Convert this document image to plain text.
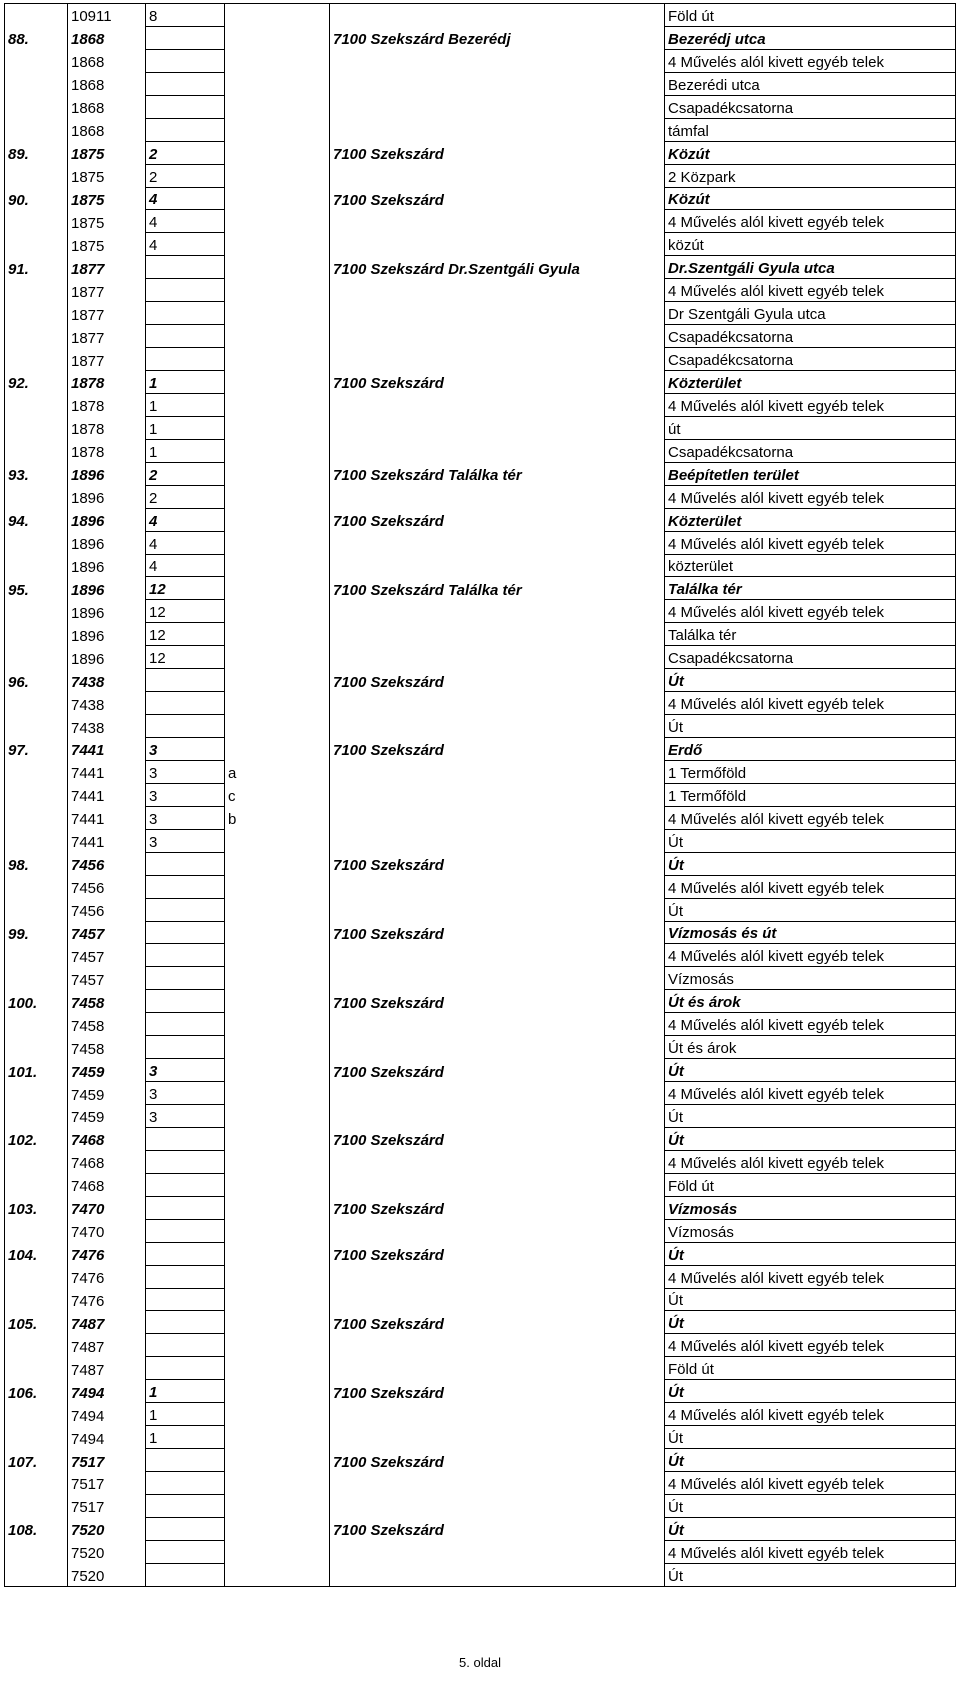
	10911	8			Föld út
88.	1868			7100 Szekszárd Bezerédj	Bezerédj utca
	1868				4 Művelés alól kivett egyéb telek
	1868				Bezerédi utca
	1868				Csapadékcsatorna
	1868				támfal
89.	1875	2		7100 Szekszárd	Közút
	1875	2			2 Közpark
90.	1875	4		7100 Szekszárd	Közút
	1875	4			4 Művelés alól kivett egyéb telek
	1875	4			közút
91.	1877			7100 Szekszárd Dr.Szentgáli Gyula	Dr.Szentgáli Gyula utca
	1877				4 Művelés alól kivett egyéb telek
	1877				Dr Szentgáli Gyula utca
	1877				Csapadékcsatorna
	1877				Csapadékcsatorna
92.	1878	1		7100 Szekszárd	Közterület
	1878	1			4 Művelés alól kivett egyéb telek
	1878	1			út
	1878	1			Csapadékcsatorna
93.	1896	2		7100 Szekszárd Találka tér	Beépítetlen terület
	1896	2			4 Művelés alól kivett egyéb telek
94.	1896	4		7100 Szekszárd	Közterület
	1896	4			4 Művelés alól kivett egyéb telek
	1896	4			közterület
95.	1896	12		7100 Szekszárd Találka tér	Találka tér
	1896	12			4 Művelés alól kivett egyéb telek
	1896	12			Találka tér
	1896	12			Csapadékcsatorna
96.	7438			7100 Szekszárd	Út
	7438				4 Művelés alól kivett egyéb telek
	7438				Út
97.	7441	3		7100 Szekszárd	Erdő
	7441	3	a		1 Termőföld
	7441	3	c		1 Termőföld
	7441	3	b		4 Művelés alól kivett egyéb telek
	7441	3			Út
98.	7456			7100 Szekszárd	Út
	7456				4 Művelés alól kivett egyéb telek
	7456				Út
99.	7457			7100 Szekszárd	Vízmosás és út
	7457				4 Művelés alól kivett egyéb telek
	7457				Vízmosás
100.	7458			7100 Szekszárd	Út és árok
	7458				4 Művelés alól kivett egyéb telek
	7458				Út és árok
101.	7459	3		7100 Szekszárd	Út
	7459	3			4 Művelés alól kivett egyéb telek
	7459	3			Út
102.	7468			7100 Szekszárd	Út
	7468				4 Művelés alól kivett egyéb telek
	7468				Föld út
103.	7470			7100 Szekszárd	Vízmosás
	7470				Vízmosás
104.	7476			7100 Szekszárd	Út
	7476				4 Művelés alól kivett egyéb telek
	7476				Út
105.	7487			7100 Szekszárd	Út
	7487				4 Művelés alól kivett egyéb telek
	7487				Föld út
106.	7494	1		7100 Szekszárd	Út
	7494	1			4 Művelés alól kivett egyéb telek
	7494	1			Út
107.	7517			7100 Szekszárd	Út
	7517				4 Művelés alól kivett egyéb telek
	7517				Út
108.	7520			7100 Szekszárd	Út
	7520				4 Művelés alól kivett egyéb telek
	7520				Út
5. oldal
